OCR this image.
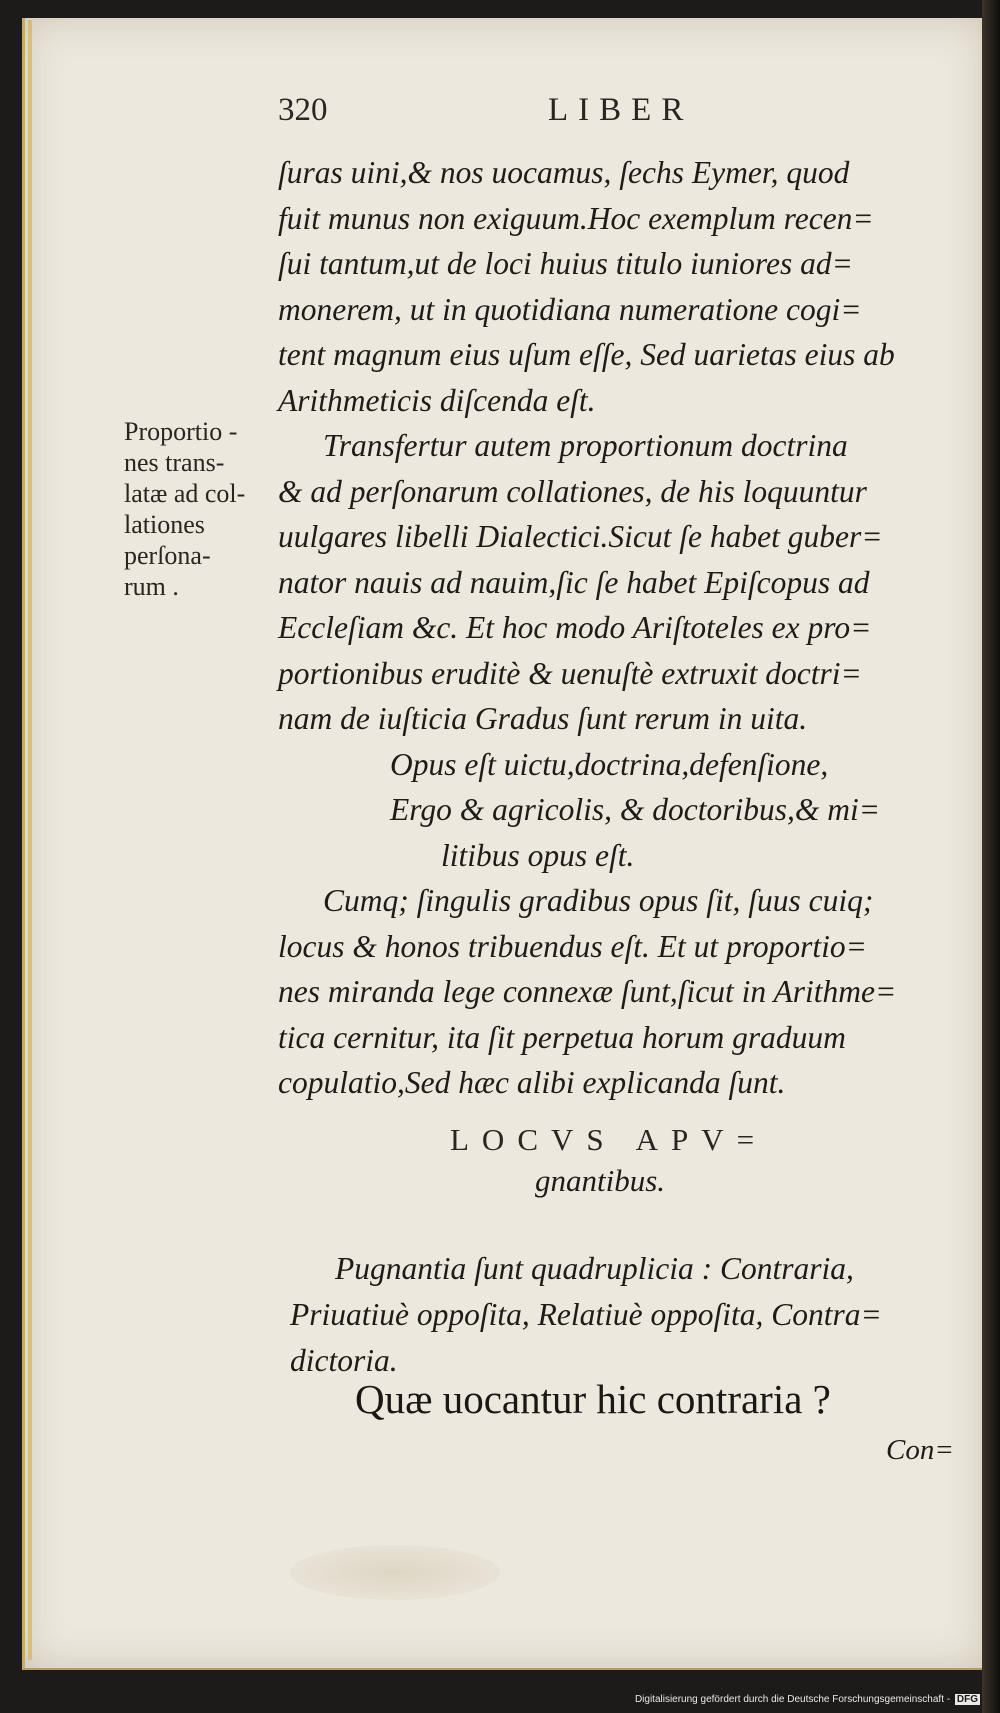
320	LIBER
ſuras uini,& nos uocamus, ſechs Eymer, quod
fuit munus non exiguum.Hoc exemplum recen=
ſui tantum,ut de loci huius titulo iuniores ad=
monerem, ut in quotidiana numeratione cogi=
tent magnum eius uſum eſſe, Sed uarietas eius ab
Arithmeticis diſcenda eſt.
Transfertur autem proportionum doctrina
& ad perſonarum collationes, de his loquuntur
uulgares libelli Dialectici.Sicut ſe habet guber=
nator nauis ad nauim,ſic ſe habet Epiſcopus ad
Eccleſiam &c. Et hoc modo Ariſtoteles ex pro=
portionibus eruditè & uenuſtè extruxit doctri=
nam de iuſticia Gradus ſunt rerum in uita.
Opus eſt uictu,doctrina,defenſione,
Ergo & agricolis, & doctoribus,& mi=
litibus opus eſt.
Cumq; ſingulis gradibus opus ſit, ſuus cuiq;
locus & honos tribuendus eſt. Et ut proportio=
nes miranda lege connexæ ſunt,ſicut in Arithme=
tica cernitur, ita ſit perpetua horum graduum
copulatio,Sed hæc alibi explicanda ſunt.
Proportio -
nes trans-
latæ ad col-
lationes
perſona-
rum .
LOCVS APV=
gnantibus.
Pugnantia ſunt quadruplicia : Contraria,
Priuatiuè oppoſita, Relatiuè oppoſita, Contra=
dictoria.
Quæ uocantur hic contraria ?
Con=
Digitalisierung gefördert durch die Deutsche Forschungsgemeinschaft - DFG
